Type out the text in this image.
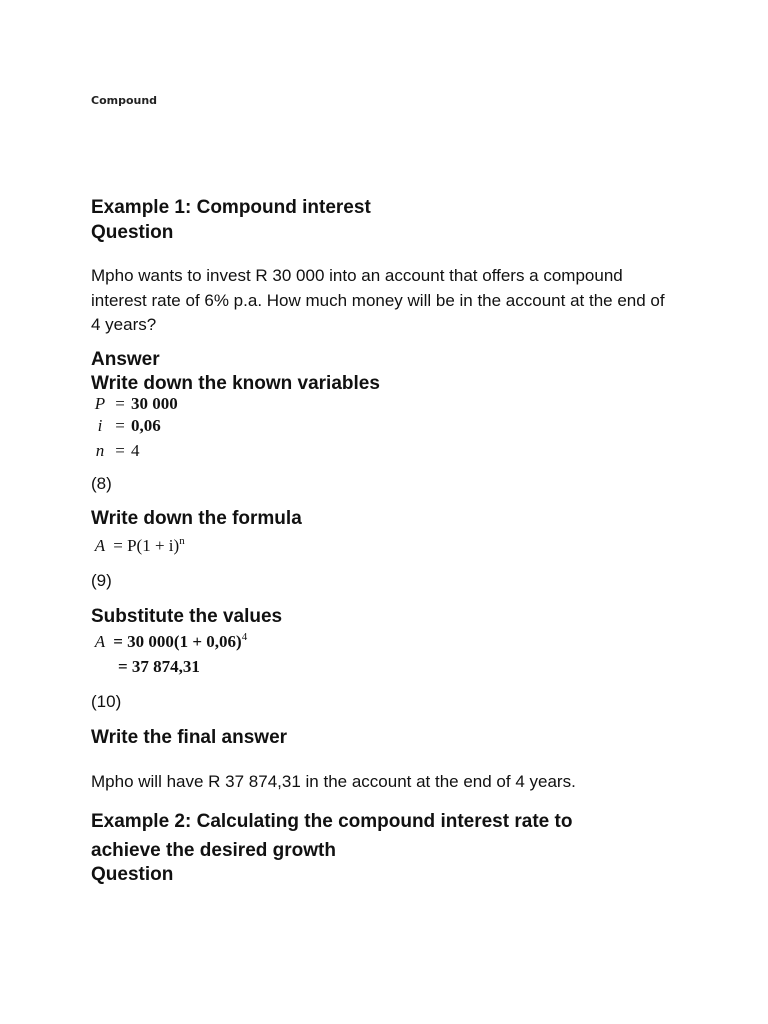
Compound
Example 1: Compound interest
Question
Mpho wants to invest R 30 000 into an account that offers a compound interest rate of 6% p.a. How much money will be in the account at the end of 4 years?
Answer
Write down the known variables
P = 30 000
i = 0,06
n = 4
(8)
Write down the formula
$A = P(1 + i)^n$
(9)
Substitute the values
A = 30 $000(1 + 0,06)^4$
= 37 874,31
(10)
Write the final answer
Mpho will have R 37 874,31 in the account at the end of 4 years.
Example 2: Calculating the compound interest rate to
achieve the desired growth
Question
